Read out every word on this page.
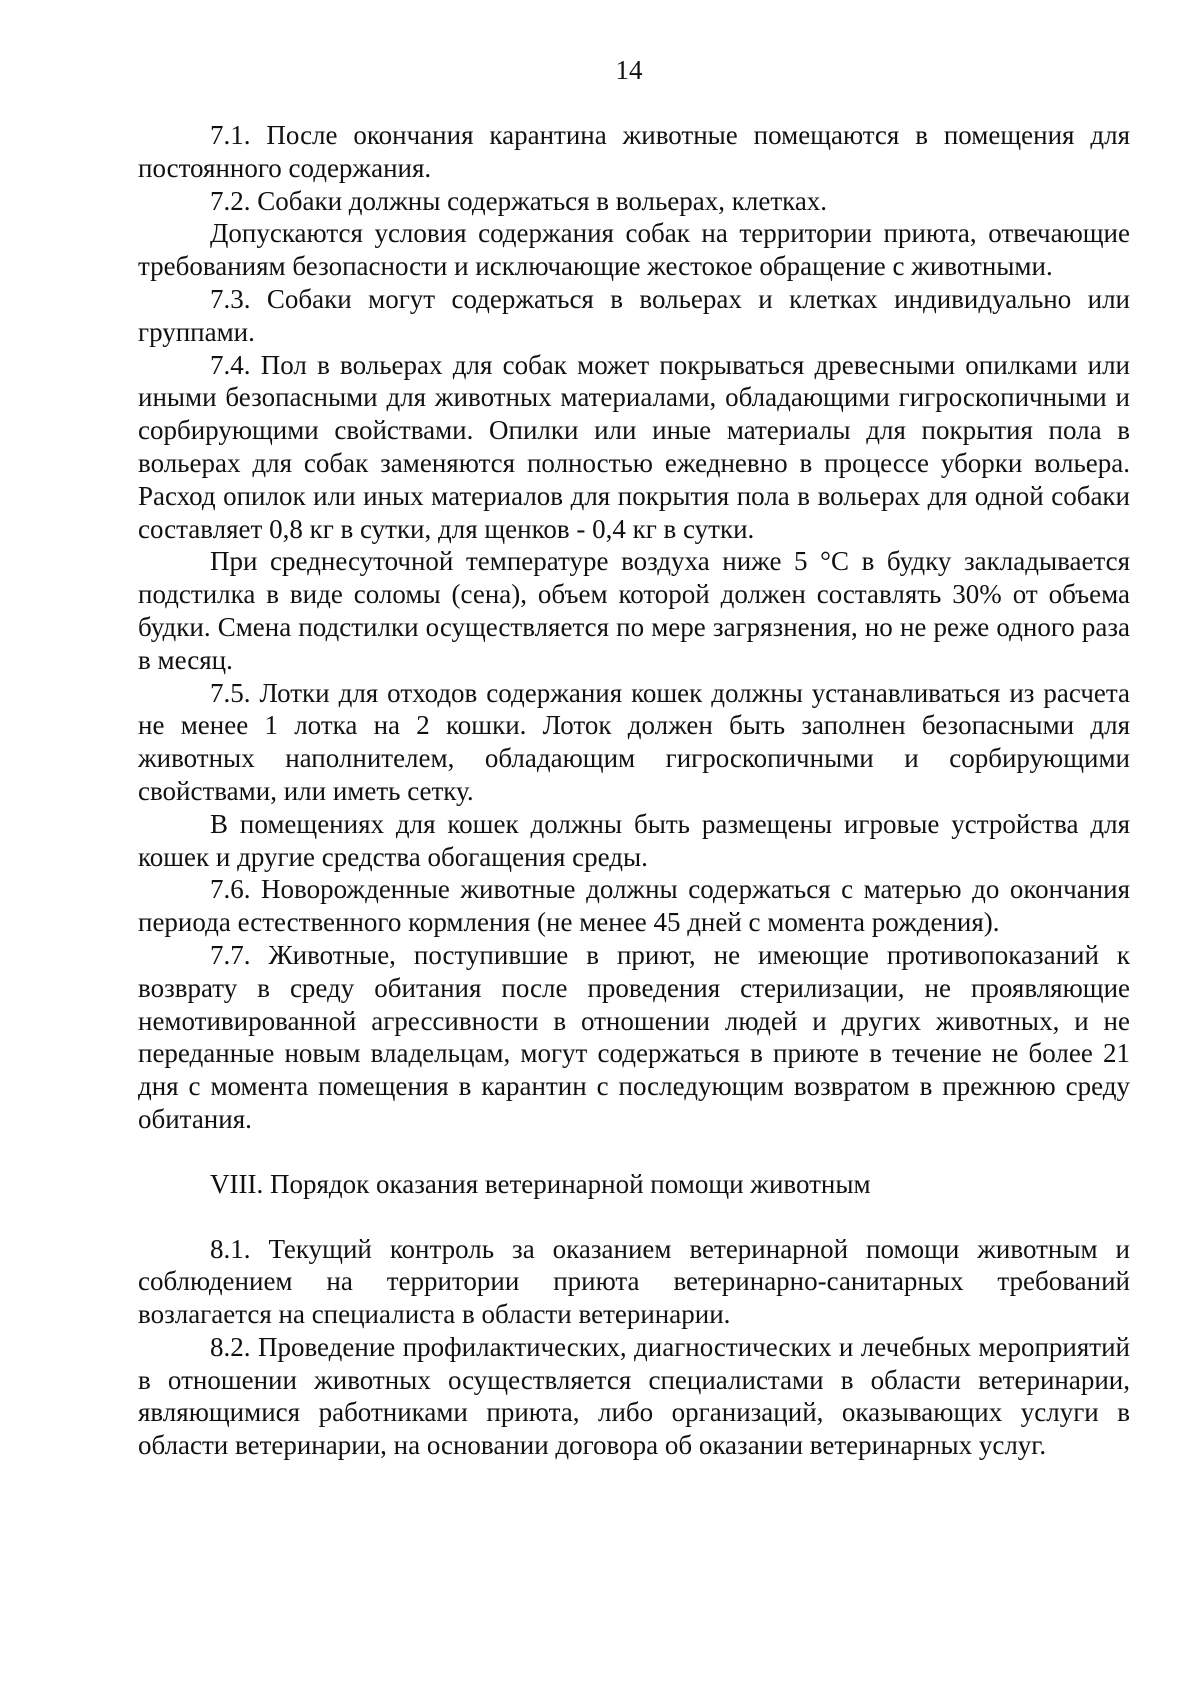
14

7.1. После окончания карантина животные помещаются в помещения для постоянного содержания.

7.2. Собаки должны содержаться в вольерах, клетках.

Допускаются условия содержания собак на территории приюта, отвечающие требованиям безопасности и исключающие жестокое обращение с животными.

7.3. Собаки могут содержаться в вольерах и клетках индивидуально или группами.

7.4. Пол в вольерах для собак может покрываться древесными опилками или иными безопасными для животных материалами, обладающими гигроскопичными и сорбирующими свойствами. Опилки или иные материалы для покрытия пола в вольерах для собак заменяются полностью ежедневно в процессе уборки вольера. Расход опилок или иных материалов для покрытия пола в вольерах для одной собаки составляет 0,8 кг в сутки, для щенков - 0,4 кг в сутки.

При среднесуточной температуре воздуха ниже 5 °С в будку закладывается подстилка в виде соломы (сена), объем которой должен составлять 30% от объема будки. Смена подстилки осуществляется по мере загрязнения, но не реже одного раза в месяц.

7.5. Лотки для отходов содержания кошек должны устанавливаться из расчета не менее 1 лотка на 2 кошки. Лоток должен быть заполнен безопасными для животных наполнителем, обладающим гигроскопичными и сорбирующими свойствами, или иметь сетку.

В помещениях для кошек должны быть размещены игровые устройства для кошек и другие средства обогащения среды.

7.6. Новорожденные животные должны содержаться с матерью до окончания периода естественного кормления (не менее 45 дней с момента рождения).

7.7. Животные, поступившие в приют, не имеющие противопоказаний к возврату в среду обитания после проведения стерилизации, не проявляющие немотивированной агрессивности в отношении людей и других животных, и не переданные новым владельцам, могут содержаться в приюте в течение не более 21 дня с момента помещения в карантин с последующим возвратом в прежнюю среду обитания.

VIII. Порядок оказания ветеринарной помощи животным

8.1. Текущий контроль за оказанием ветеринарной помощи животным и соблюдением на территории приюта ветеринарно-санитарных требований возлагается на специалиста в области ветеринарии.

8.2. Проведение профилактических, диагностических и лечебных мероприятий в отношении животных осуществляется специалистами в области ветеринарии, являющимися работниками приюта, либо организаций, оказывающих услуги в области ветеринарии, на основании договора об оказании ветеринарных услуг.
